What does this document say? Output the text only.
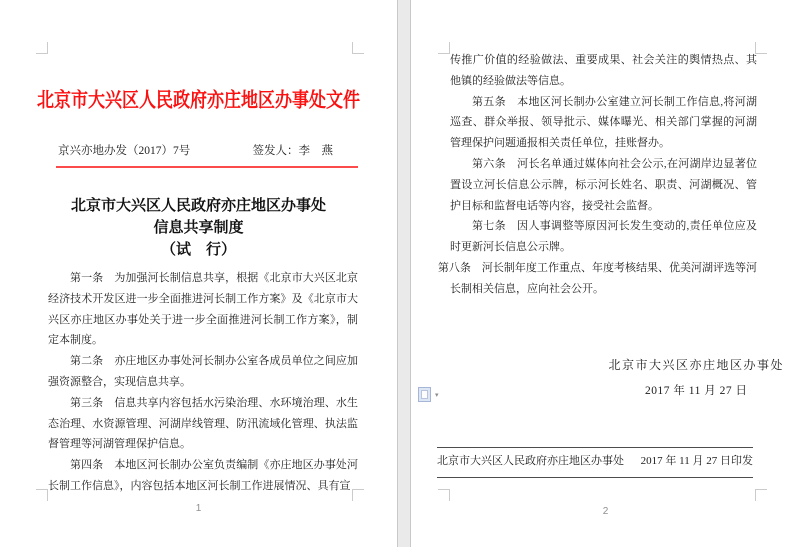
北京市大兴区人民政府亦庄地区办事处文件
京兴亦地办发（2017）7号	签发人：李　燕
北京市大兴区人民政府亦庄地区办事处
信息共享制度
（试　行）

第一条　为加强河长制信息共享，根据《北京市大兴区北京经济技术开发区进一步全面推进河长制工作方案》及《北京市大兴区亦庄地区办事处关于进一步全面推进河长制工作方案》，制定本制度。

第二条　亦庄地区办事处河长制办公室各成员单位之间应加强资源整合，实现信息共享。

第三条　信息共享内容包括水污染治理、水环境治理、水生态治理、水资源管理、河湖岸线管理、防汛流域化管理、执法监督管理等河湖管理保护信息。

第四条　本地区河长制办公室负责编制《亦庄地区办事处河长制工作信息》，内容包括本地区河长制工作进展情况、具有宣

1

传推广价值的经验做法、重要成果、社会关注的舆情热点、其他镇的经验做法等信息。

第五条　本地区河长制办公室建立河长制工作信息,将河湖巡查、群众举报、领导批示、媒体曝光、相关部门掌握的河湖管理保护问题通报相关责任单位，挂账督办。

第六条　河长名单通过媒体向社会公示,在河湖岸边显著位置设立河长信息公示牌，标示河长姓名、职责、河湖概况、管护目标和监督电话等内容，接受社会监督。

第七条　因人事调整等原因河长发生变动的,责任单位应及时更新河长信息公示牌。

第八条　河长制年度工作重点、年度考核结果、优美河湖评选等河长制相关信息，应向社会公开。

北京市大兴区亦庄地区办事处
2017 年 11 月 27 日
▾
北京市大兴区人民政府亦庄地区办事处 2017 年 11 月 27 日印发
2
